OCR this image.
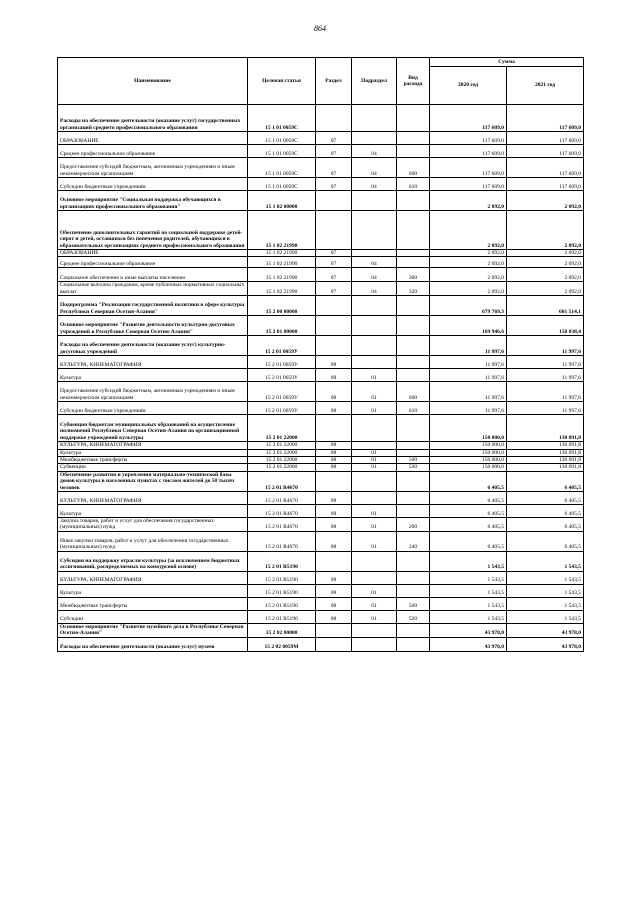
864
Наименование	Целевая статья	Раздел	Подраздел	Вид расхода	Сумма	
					2020 год	2021 год
Расходы на обеспечение деятельности (оказание услуг) государственных организаций среднего профессионального образования	15 1 01 0059С				117 609,0	117 609,0
ОБРАЗОВАНИЕ	15 1 01 0059С	07			117 609,0	117 609,0
Среднее профессиональное образование	15 1 01 0059С	07	04		117 609,0	117 609,0
Предоставление субсидий бюджетным, автономным учреждениям и иным некоммерческим организациям	15 1 01 0059С	07	04	600	117 609,0	117 609,0
Субсидии бюджетным учреждениям	15 1 01 0059С	07	04	610	117 609,0	117 609,0
Основное мероприятие "Социальная поддержка обучающихся в организациях профессионального образования"	15 1 02 00000				2 092,0	2 092,0
Обеспечение дополнительных гарантий по социальной поддержке детей-сирот и детей, оставшихся без попечения родителей, обучающихся в образовательных организациях среднего профессионального образования	15 1 02 21990				2 092,0	2 092,0
ОБРАЗОВАНИЕ	15 1 02 21990	07			2 092,0	2 092,0
Среднее профессиональное образование	15 1 02 21990	07	04		2 092,0	2 092,0
Социальное обеспечение и иные выплаты населению	15 1 02 21990	07	04	300	2 092,0	2 092,0
Социальные выплаты гражданам, кроме публичных нормативных социальных выплат	15 1 02 21990	07	04	320	2 092,0	2 092,0
Подпрограмма "Реализация государственной политики в сфере культуры Республики Северная Осетия-Алания"	15 2 00 00000				679 769,3	601 514,1
Основное мероприятие "Развитие деятельности культурно-досуговых учреждений в Республике Северная Осетия-Алания"	15 2 01 00000				169 946,6	150 038,4
Расходы на обеспечение деятельности (оказание услуг) культурно-досуговых учреждений	15 2 01 0059У				11 997,6	11 997,6
КУЛЬТУРА, КИНЕМАТОГРАФИЯ	15 2 01 0059У	08			11 997,6	11 997,6
Культура	15 2 01 0059У	08	01		11 997,6	11 997,6
Предоставление субсидий бюджетным, автономным учреждениям и иным некоммерческим организациям	15 2 01 0059У	08	01	600	11 997,6	11 997,6
Субсидии бюджетным учреждениям	15 2 01 0059У	08	01	610	11 997,6	11 997,6
Субвенция бюджетам муниципальных образований на осуществление полномочий Республики Северная Осетия-Алания по организационной поддержке учреждений культуры	15 2 01 22000				150 000,0	130 091,8
КУЛЬТУРА, КИНЕМАТОГРАФИЯ	15 2 01 22000	08			150 000,0	130 091,8
Культура	15 2 01 22000	08	01		150 000,0	130 091,8
Межбюджетные трансферты	15 2 01 22000	08	01	500	150 000,0	130 091,8
Субвенции	15 2 01 22000	08	01	530	150 000,0	130 091,8
Обеспечение развития и укрепления материально-технической базы домов культуры в населенных пунктах с числом жителей до 50 тысяч человек	15 2 01 R4670				6 405,5	6 405,5
КУЛЬТУРА, КИНЕМАТОГРАФИЯ	15 2 01 R4670	08			6 405,5	6 405,5
Культура	15 2 01 R4670	08	01		6 405,5	6 405,5
Закупка товаров, работ и услуг для обеспечения государственных (муниципальных) нужд	15 2 01 R4670	08	01	200	6 405,5	6 405,5
Иные закупки товаров, работ и услуг для обеспечения государственных (муниципальных) нужд	15 2 01 R4670	08	01	240	6 405,5	6 405,5
Субсидии на поддержку отрасли культуры (за исключением бюджетных ассигнований, распределяемых на конкурсной основе)	15 2 01 R5190				1 543,5	1 543,5
КУЛЬТУРА, КИНЕМАТОГРАФИЯ	15 2 01 R5190	08			1 543,5	1 543,5
Культура	15 2 01 R5190	08	01		1 543,5	1 543,5
Межбюджетные трансферты	15 2 01 R5190	08	01	500	1 543,5	1 543,5
Субсидии	15 2 01 R5190	08	01	520	1 543,5	1 543,5
Основное мероприятие "Развитие музейного дела в Республике Северная Осетия-Алания"	15 2 02 00000				43 978,0	43 978,0
Расходы на обеспечение деятельности (оказание услуг) музеев	15 2 02 0059М				43 978,0	43 978,0
